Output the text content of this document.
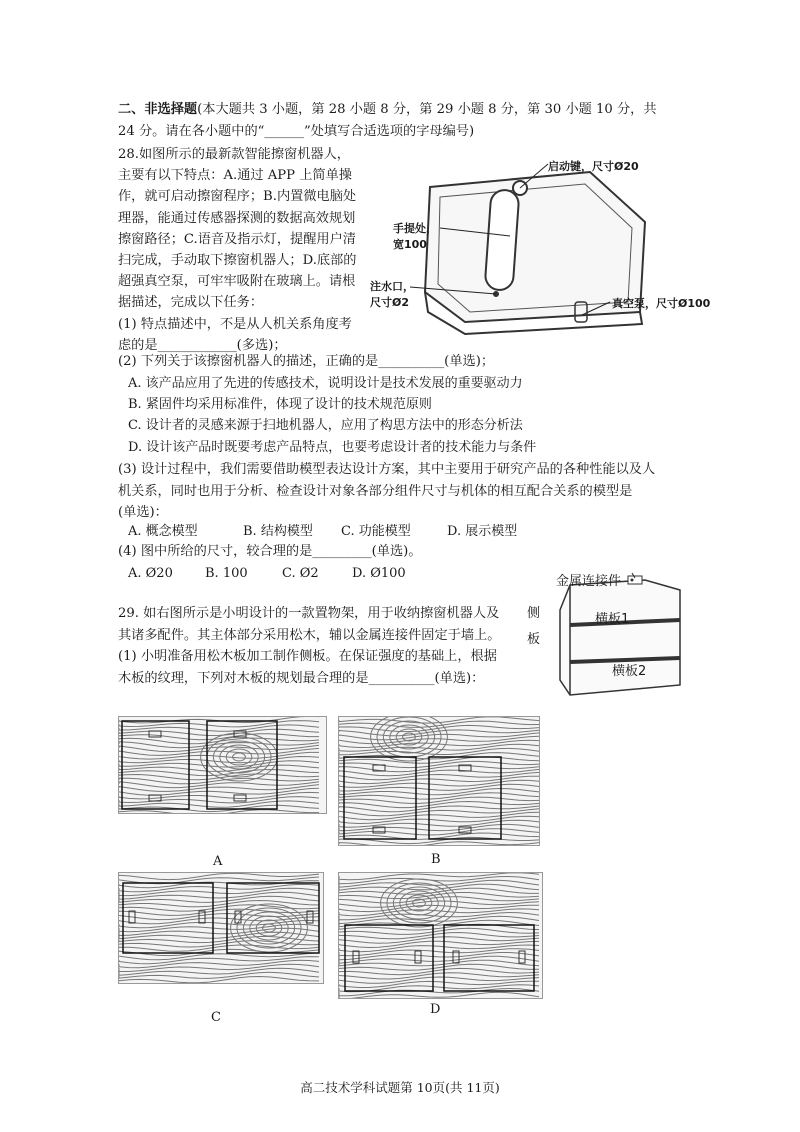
二、非选择题(本大题共 3 小题，第 28 小题 8 分，第 29 小题 8 分，第 30 小题 10 分，共
24 分。请在各小题中的“______”处填写合适选项的字母编号)
28.如图所示的最新款智能擦窗机器人，
主要有以下特点：A.通过 APP 上简单操
作，就可启动擦窗程序；B.内置微电脑处
理器，能通过传感器探测的数据高效规划
擦窗路径；C.语音及指示灯，提醒用户清
扫完成，手动取下擦窗机器人；D.底部的
超强真空泵，可牢牢吸附在玻璃上。请根
据描述，完成以下任务：
(1) 特点描述中，不是从人机关系角度考
虑的是____________(多选)；
启动键，尺寸Ø20
手提处，
宽100
注水口，
尺寸Ø2	真空泵，尺寸Ø100
(2) 下列关于该擦窗机器人的描述，正确的是__________(单选)；
A. 该产品应用了先进的传感技术，说明设计是技术发展的重要驱动力
B. 紧固件均采用标准件，体现了设计的技术规范原则
C. 设计者的灵感来源于扫地机器人，应用了构思方法中的形态分析法
D. 设计该产品时既要考虑产品特点，也要考虑设计者的技术能力与条件
(3) 设计过程中，我们需要借助模型表达设计方案，其中主要用于研究产品的各种性能以及人
机关系，同时也用于分析、检查设计对象各部分组件尺寸与机体的相互配合关系的模型是
(单选)：
A. 概念模型	B. 结构模型 C. 功能模型	D. 展示模型
(4) 图中所给的尺寸，较合理的是_________(单选)。
A. Ø20 B. 100	C. Ø2	D. Ø100
29. 如右图所示是小明设计的一款置物架，用于收纳擦窗机器人及
其诸多配件。其主体部分采用松木，辅以金属连接件固定于墙上。
(1) 小明准备用松木板加工制作侧板。在保证强度的基础上，根据
木板的纹理，下列对木板的规划最合理的是__________(单选)：
金属连接件
侧
板
横板1
横板2
A	B
C
D
高二技术学科试题第 10页(共 11页)
